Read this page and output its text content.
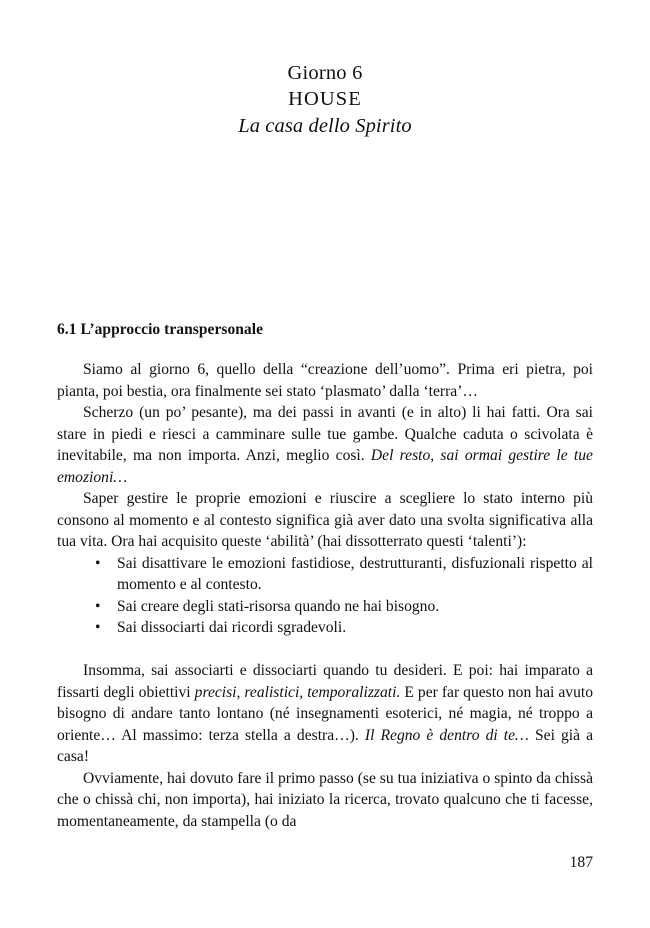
Giorno 6
HOUSE
La casa dello Spirito
6.1 L’approccio transpersonale

Siamo al giorno 6, quello della “creazione dell’uomo”. Prima eri pietra, poi pianta, poi bestia, ora finalmente sei stato ‘plasmato’ dalla ‘terra’…

Scherzo (un po’ pesante), ma dei passi in avanti (e in alto) li hai fatti. Ora sai stare in piedi e riesci a camminare sulle tue gambe. Qualche caduta o scivolata è inevitabile, ma non importa. Anzi, meglio così. Del resto, sai ormai gestire le tue emozioni…

Saper gestire le proprie emozioni e riuscire a scegliere lo stato interno più consono al momento e al contesto significa già aver dato una svolta significativa alla tua vita. Ora hai acquisito queste ‘abilità’ (hai dissotterrato questi ‘talenti’):

• Sai disattivare le emozioni fastidiose, destrutturanti, disfuzionali rispetto al momento e al contesto.
• Sai creare degli stati-risorsa quando ne hai bisogno.
• Sai dissociarti dai ricordi sgradevoli.

Insomma, sai associarti e dissociarti quando tu desideri. E poi: hai imparato a fissarti degli obiettivi precisi, realistici, temporalizzati. E per far questo non hai avuto bisogno di andare tanto lontano (né insegnamenti esoterici, né magia, né troppo a oriente… Al massimo: terza stella a destra…). Il Regno è dentro di te… Sei già a casa!

Ovviamente, hai dovuto fare il primo passo (se su tua iniziativa o spinto da chissà che o chissà chi, non importa), hai iniziato la ricerca, trovato qualcuno che ti facesse, momentaneamente, da stampella (o da

187
